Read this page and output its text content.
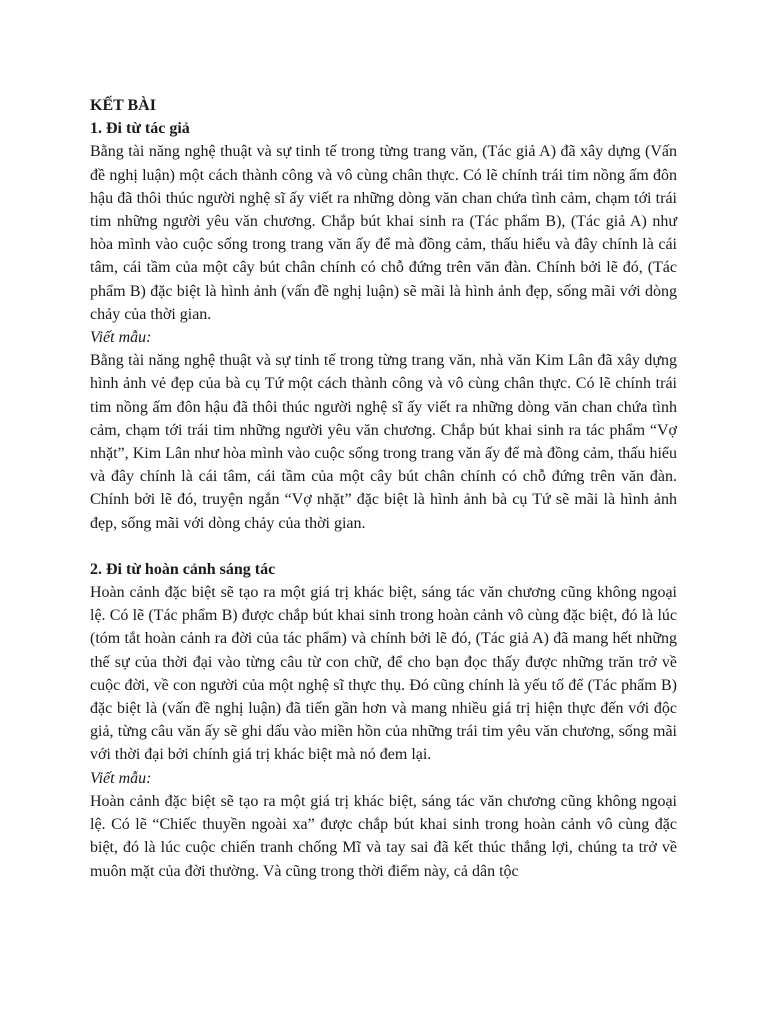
KẾT BÀI

1. Đi từ tác giả

Bằng tài năng nghệ thuật và sự tinh tế trong từng trang văn, (Tác giả A) đã xây dựng (Vấn đề nghị luận) một cách thành công và vô cùng chân thực. Có lẽ chính trái tim nồng ấm đôn hậu đã thôi thúc người nghệ sĩ ấy viết ra những dòng văn chan chứa tình cảm, chạm tới trái tim những người yêu văn chương. Chắp bút khai sinh ra (Tác phẩm B), (Tác giả A) như hòa mình vào cuộc sống trong trang văn ấy để mà đồng cảm, thấu hiểu và đây chính là cái tâm, cái tầm của một cây bút chân chính có chỗ đứng trên văn đàn. Chính bởi lẽ đó, (Tác phẩm B) đặc biệt là hình ảnh (vấn đề nghị luận) sẽ mãi là hình ảnh đẹp, sống mãi với dòng chảy của thời gian.

Viết mẫu:

Bằng tài năng nghệ thuật và sự tinh tế trong từng trang văn, nhà văn Kim Lân đã xây dựng hình ảnh vẻ đẹp của bà cụ Tứ một cách thành công và vô cùng chân thực. Có lẽ chính trái tim nồng ấm đôn hậu đã thôi thúc người nghệ sĩ ấy viết ra những dòng văn chan chứa tình cảm, chạm tới trái tim những người yêu văn chương. Chắp bút khai sinh ra tác phẩm “Vợ nhặt”, Kim Lân như hòa mình vào cuộc sống trong trang văn ấy để mà đồng cảm, thấu hiểu và đây chính là cái tâm, cái tầm của một cây bút chân chính có chỗ đứng trên văn đàn. Chính bởi lẽ đó, truyện ngắn “Vợ nhặt” đặc biệt là hình ảnh bà cụ Tứ sẽ mãi là hình ảnh đẹp, sống mãi với dòng chảy của thời gian.

2. Đi từ hoàn cảnh sáng tác

Hoàn cảnh đặc biệt sẽ tạo ra một giá trị khác biệt, sáng tác văn chương cũng không ngoại lệ. Có lẽ (Tác phẩm B) được chắp bút khai sinh trong hoàn cảnh vô cùng đặc biệt, đó là lúc (tóm tắt hoàn cảnh ra đời của tác phẩm) và chính bởi lẽ đó, (Tác giả A) đã mang hết những thế sự của thời đại vào từng câu từ con chữ, để cho bạn đọc thấy được những trăn trở về cuộc đời, về con người của một nghệ sĩ thực thụ. Đó cũng chính là yếu tố để (Tác phẩm B) đặc biệt là (vấn đề nghị luận) đã tiến gần hơn và mang nhiều giá trị hiện thực đến với độc giả, từng câu văn ấy sẽ ghi dấu vào miền hồn của những trái tim yêu văn chương, sống mãi với thời đại bởi chính giá trị khác biệt mà nó đem lại.

Viết mẫu:

Hoàn cảnh đặc biệt sẽ tạo ra một giá trị khác biệt, sáng tác văn chương cũng không ngoại lệ. Có lẽ “Chiếc thuyền ngoài xa” được chắp bút khai sinh trong hoàn cảnh vô cùng đặc biệt, đó là lúc cuộc chiến tranh chống Mĩ và tay sai đã kết thúc thắng lợi, chúng ta trở về muôn mặt của đời thường. Và cũng trong thời điểm này, cả dân tộc
